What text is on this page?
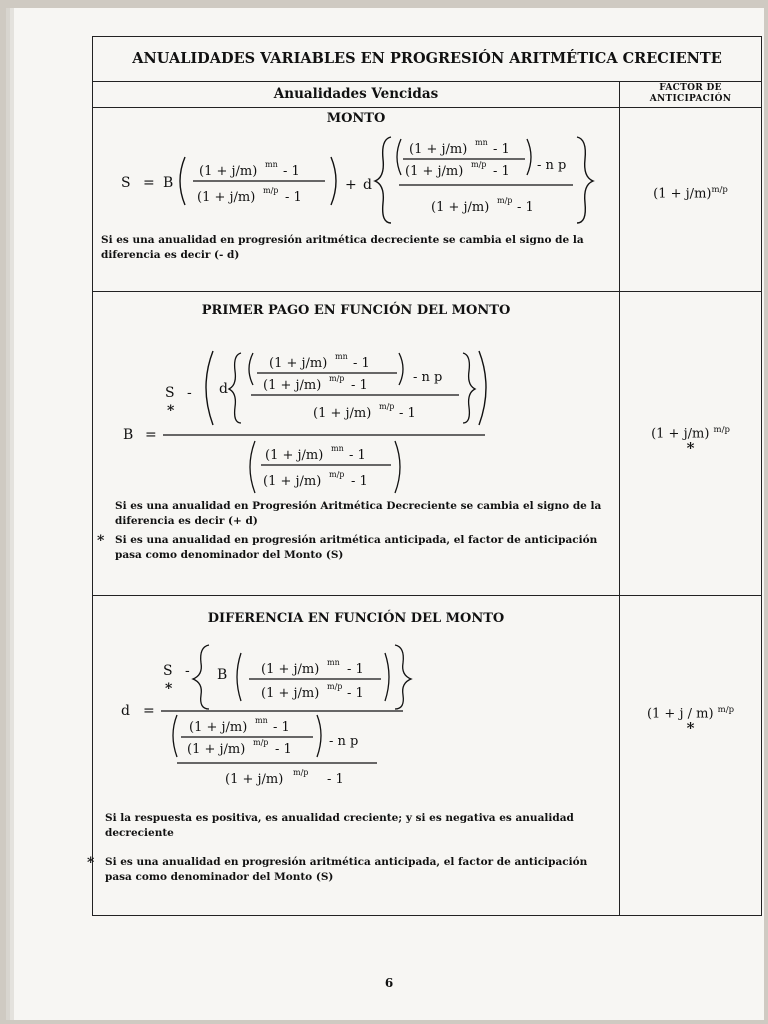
ANUALIDADES VARIABLES EN PROGRESIÓN ARITMÉTICA CRECIENTE
Anualidades Vencidas	FACTOR DE
ANTICIPACIÓN
MONTO
S = B
(1 + j/m) mn - 1
(1 + j/m) m/p - 1
+ d
(1 + j/m) mn - 1
(1 + j/m) m/p - 1 - n p
(1 + j/m) m/p - 1
Si es una anualidad en progresión aritmética decreciente se cambia el signo de la diferencia es decir (- d)
$(1 + j/m)^{m/p}$
PRIMER PAGO EN FUNCIÓN DEL MONTO
B =
S
*
- d
(1 + j/m) mn - 1
(1 + j/m) m/p - 1
- n p
(1 + j/m) m/p - 1
(1 + j/m) mn - 1
(1 + j/m) m/p - 1
Si es una anualidad en Progresión Aritmética Decreciente se cambia el signo de la diferencia es decir (+ d)
* Si es una anualidad en progresión aritmética anticipada, el factor de anticipación pasa como denominador del Monto (S)
(1 + j/m) $^{m/p}$
*
DIFERENCIA EN FUNCIÓN DEL MONTO
d =
S
*
- B	(1 + j/m) mn - 1
(1 + j/m) m/p - 1
(1 + j/m) mn - 1
(1 + j/m) m/p - 1
- n p
(1 + j/m) m/p - 1
Si la respuesta es positiva, es anualidad creciente; y si es negativa es anualidad decreciente
* Si es una anualidad en progresión aritmética anticipada, el factor de anticipación pasa como denominador del Monto (S)
(1 + j / m) $^{m/p}$
*
6
